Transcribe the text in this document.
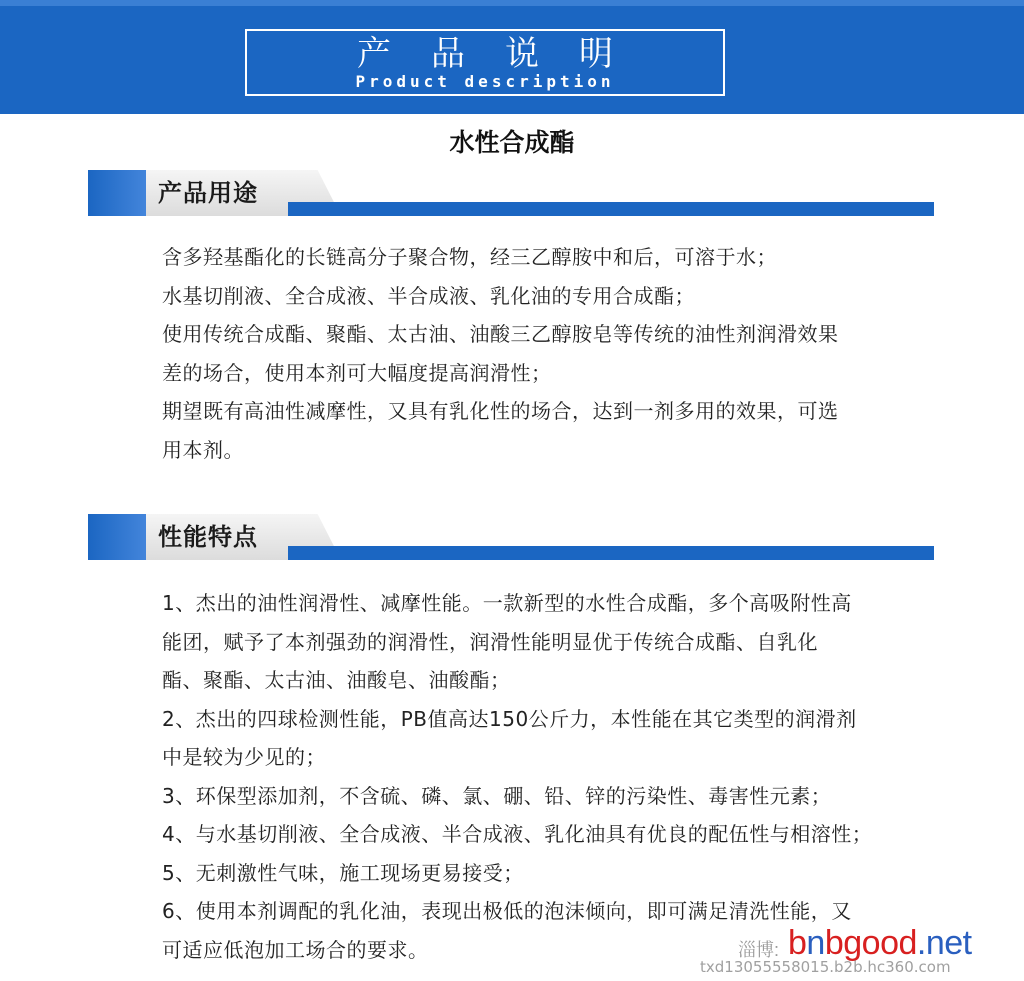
产品说明
Product description
水性合成酯
产品用途

含多羟基酯化的长链高分子聚合物，经三乙醇胺中和后，可溶于水；

水基切削液、全合成液、半合成液、乳化油的专用合成酯；

使用传统合成酯、聚酯、太古油、油酸三乙醇胺皂等传统的油性剂润滑效果

差的场合，使用本剂可大幅度提高润滑性；

期望既有高油性减摩性，又具有乳化性的场合，达到一剂多用的效果，可选

用本剂。

性能特点

1、杰出的油性润滑性、减摩性能。一款新型的水性合成酯，多个高吸附性高

能团，赋予了本剂强劲的润滑性，润滑性能明显优于传统合成酯、自乳化

酯、聚酯、太古油、油酸皂、油酸酯；

2、杰出的四球检测性能，PB值高达150公斤力，本性能在其它类型的润滑剂

中是较为少见的；

3、环保型添加剂，不含硫、磷、氯、硼、铅、锌的污染性、毒害性元素；

4、与水基切削液、全合成液、半合成液、乳化油具有优良的配伍性与相溶性；

5、无刺激性气味，施工现场更易接受；

6、使用本剂调配的乳化油，表现出极低的泡沫倾向，即可满足清洗性能，又

可适应低泡加工场合的要求。	淄博: bnbgood.net
txd13055558015.b2b.hc360.com
